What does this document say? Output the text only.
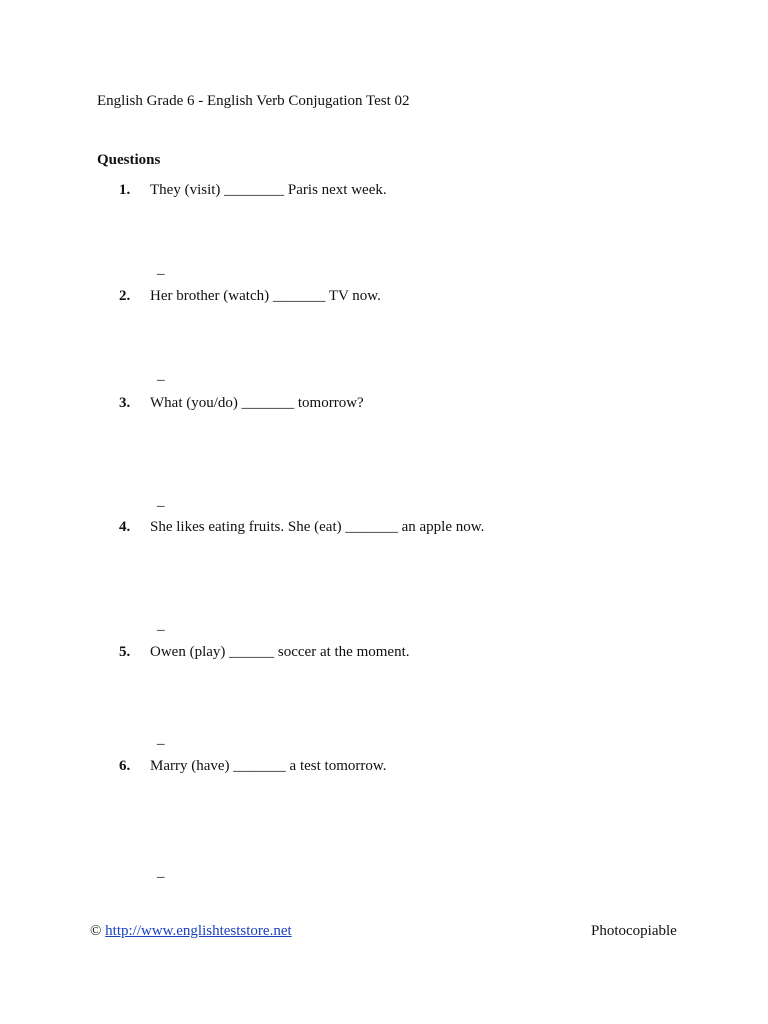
English Grade 6 - English Verb Conjugation Test 02
Questions
1. They (visit) ________ Paris next week.
_
2. Her brother (watch) _______ TV now.
_
3. What (you/do) _______ tomorrow?
_
4. She likes eating fruits. She (eat) _______ an apple now.
_
5. Owen (play) ______ soccer at the moment.
_
6. Marry (have) _______ a test tomorrow.
_
© http://www.englishteststore.net	Photocopiable
